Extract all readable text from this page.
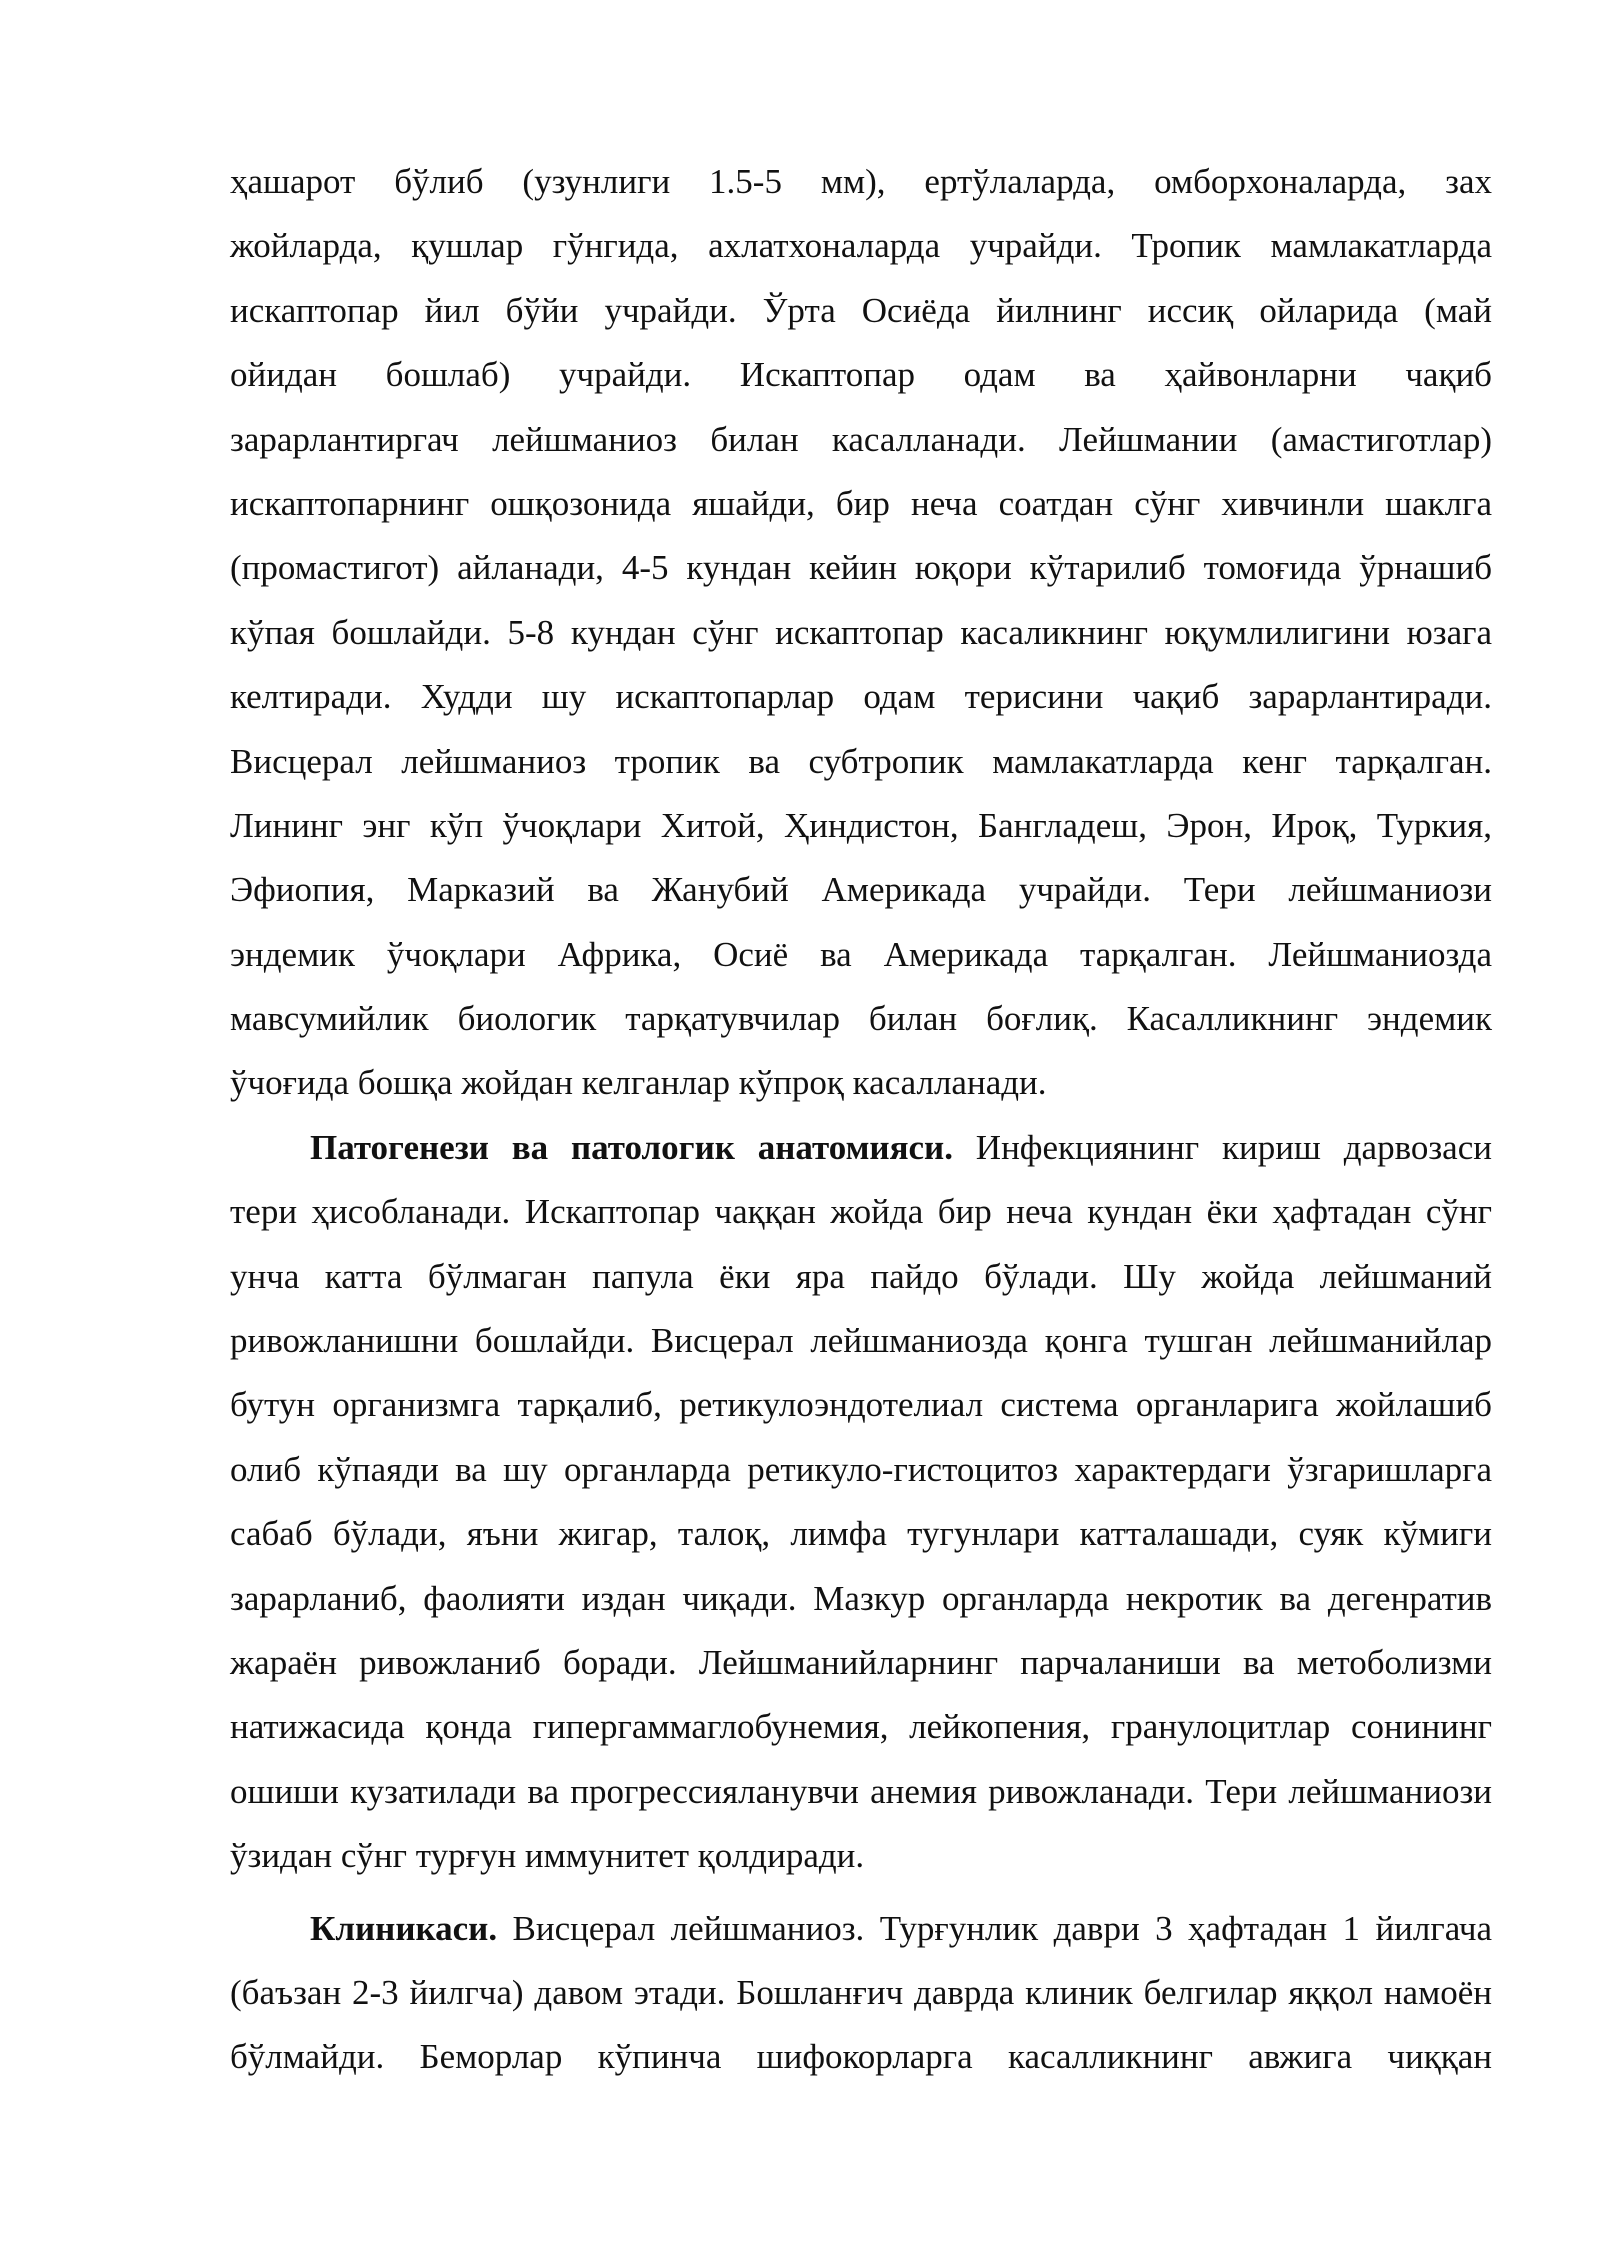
ҳашарот бўлиб (узунлиги 1.5-5 мм), ертўлаларда, омборхоналарда, зах
жойларда, қушлар гўнгида, ахлатхоналарда учрайди. Тропик мамлакатларда
искаптопар йил бўйи учрайди. Ўрта Осиёда йилнинг иссиқ ойларида (май
ойидан бошлаб) учрайди. Искаптопар одам ва ҳайвонларни чақиб
зарарлантиргач лейшманиоз билан касалланади. Лейшмании (амастиготлар)
искаптопарнинг ошқозонида яшайди, бир неча соатдан сўнг хивчинли шаклга
(промастигот) айланади, 4-5 кундан кейин юқори кўтарилиб томоғида ўрнашиб
кўпая бошлайди. 5-8 кундан сўнг искаптопар касаликнинг юқумлилигини юзага
келтиради. Худди шу искаптопарлар одам терисини чақиб зарарлантиради.
Висцерал лейшманиоз тропик ва субтропик мамлакатларда кенг тарқалган.
Лининг энг кўп ўчоқлари Хитой, Ҳиндистон, Бангладеш, Эрон, Ироқ, Туркия,
Эфиопия, Марказий ва Жанубий Америкада учрайди. Тери лейшманиози
эндемик ўчоқлари Африка, Осиё ва Америкада тарқалган. Лейшманиозда
мавсумийлик биологик тарқатувчилар билан боғлиқ. Касалликнинг эндемик
ўчоғида бошқа жойдан келганлар кўпроқ касалланади.
Патогенези ва патологик анатомияси. Инфекциянинг кириш дарвозаси
тери ҳисобланади. Искаптопар чаққан жойда бир неча кундан ёки ҳафтадан сўнг
унча катта бўлмаган папула ёки яра пайдо бўлади. Шу жойда лейшманий
ривожланишни бошлайди. Висцерал лейшманиозда қонга тушган лейшманийлар
бутун организмга тарқалиб, ретикулоэндотелиал система органларига жойлашиб
олиб кўпаяди ва шу органларда ретикуло-гистоцитоз характердаги ўзгаришларга
сабаб бўлади, яъни жигар, талоқ, лимфа тугунлари катталашади, суяк кўмиги
зарарланиб, фаолияти издан чиқади. Мазкур органларда некротик ва дегенратив
жараён ривожланиб боради. Лейшманийларнинг парчаланиши ва метоболизми
натижасида қонда гипергаммаглобунемия, лейкопения, гранулоцитлар сонининг
ошиши кузатилади ва прогрессияланувчи анемия ривожланади. Тери лейшманиози
ўзидан сўнг турғун иммунитет қолдиради.
Клиникаси. Висцерал лейшманиоз. Турғунлик даври 3 ҳафтадан 1 йилгача
(баъзан 2-3 йилгча) давом этади. Бошланғич даврда клиник белгилар яққол намоён
бўлмайди. Беморлар кўпинча шифокорларга касалликнинг авжига чиққан
